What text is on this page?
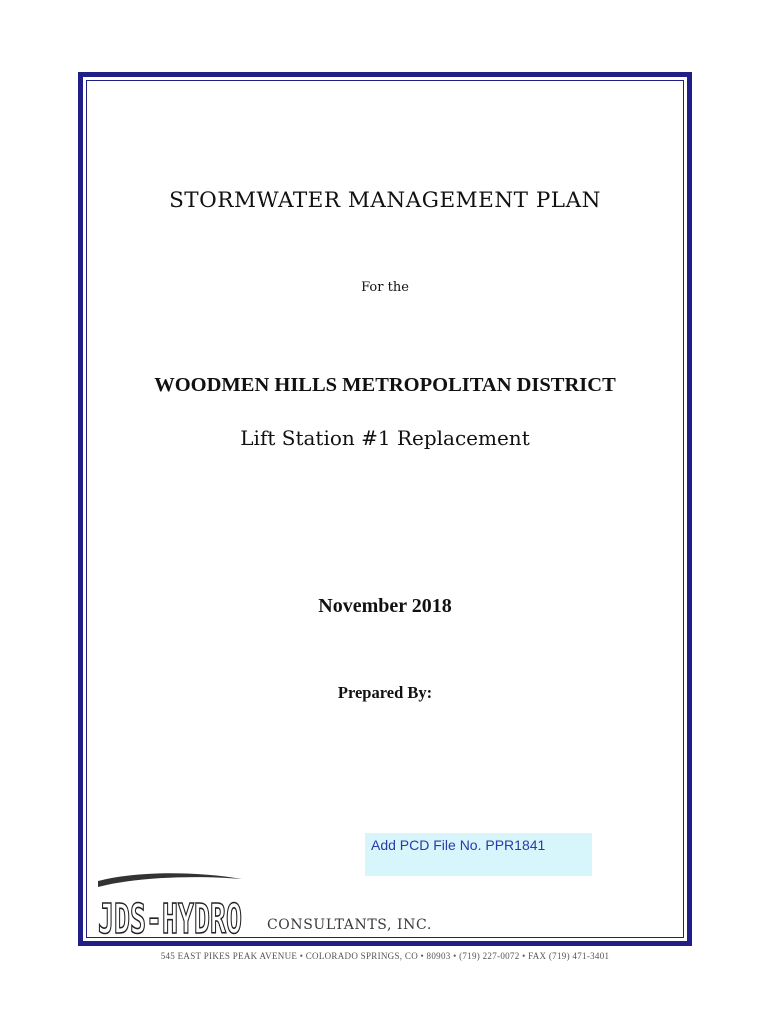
STORMWATER MANAGEMENT PLAN
For the
WOODMEN HILLS METROPOLITAN DISTRICT
Lift Station #1 Replacement
November 2018
Prepared By:
Add PCD File No. PPR1841
JDS-HYDRO CONSULTANTS, INC.
545 EAST PIKES PEAK AVENUE • COLORADO SPRINGS, CO • 80903 • (719) 227-0072 • FAX (719) 471-3401
